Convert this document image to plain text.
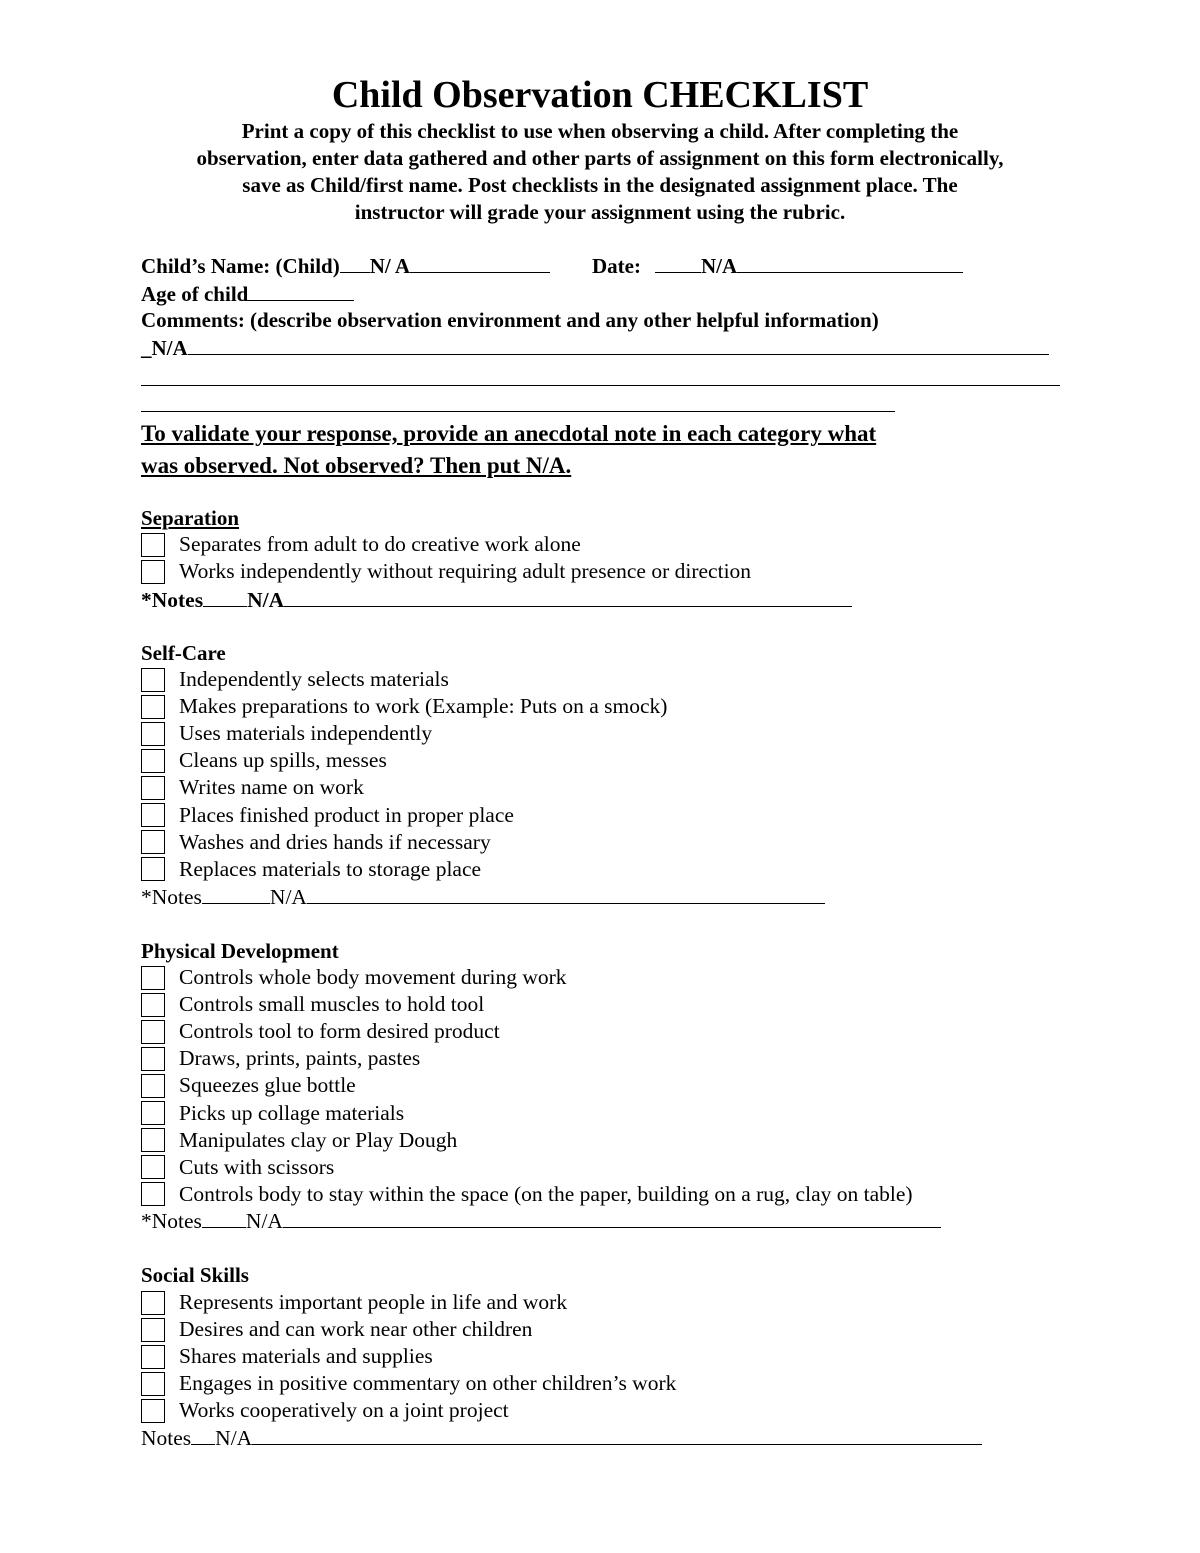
Child Observation CHECKLIST
Print a copy of this checklist to use when observing a child. After completing the
observation, enter data gathered and other parts of assignment on this form electronically,
save as Child/first name. Post checklists in the designated assignment place. The
instructor will grade your assignment using the rubric.
Child’s Name: (Child) N/ A	Date:	N/A
Age of child
Comments: (describe observation environment and any other helpful information)
_N/A
To validate your response, provide an anecdotal note in each category what
was observed. Not observed? Then put N/A.
Separation
Separates from adult to do creative work alone
Works independently without requiring adult presence or direction
*Notes N/A
Self-Care
Independently selects materials
Makes preparations to work (Example: Puts on a smock)
Uses materials independently
Cleans up spills, messes
Writes name on work
Places finished product in proper place
Washes and dries hands if necessary
Replaces materials to storage place
*Notes	N/A
Physical Development
Controls whole body movement during work
Controls small muscles to hold tool
Controls tool to form desired product
Draws, prints, paints, pastes
Squeezes glue bottle
Picks up collage materials
Manipulates clay or Play Dough
Cuts with scissors
Controls body to stay within the space (on the paper, building on a rug, clay on table)
*Notes N/A
Social Skills
Represents important people in life and work
Desires and can work near other children
Shares materials and supplies
Engages in positive commentary on other children’s work
Works cooperatively on a joint project
Notes N/A
